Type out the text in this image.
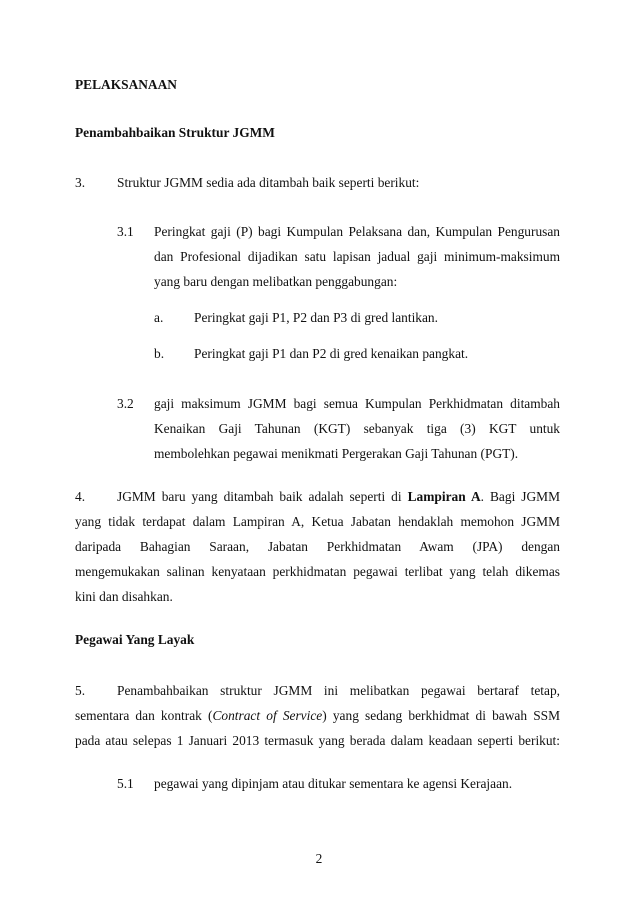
PELAKSANAAN
Penambahbaikan Struktur JGMM
3. Struktur JGMM sedia ada ditambah baik seperti berikut:
3.1 Peringkat gaji (P) bagi Kumpulan Pelaksana dan, Kumpulan Pengurusan
dan Profesional dijadikan satu lapisan jadual gaji minimum-maksimum
yang baru dengan melibatkan penggabungan:
a. Peringkat gaji P1, P2 dan P3 di gred lantikan.
b. Peringkat gaji P1 dan P2 di gred kenaikan pangkat.
3.2 gaji maksimum JGMM bagi semua Kumpulan Perkhidmatan ditambah
Kenaikan Gaji Tahunan (KGT) sebanyak tiga (3) KGT untuk
membolehkan pegawai menikmati Pergerakan Gaji Tahunan (PGT).
4. JGMM baru yang ditambah baik adalah seperti di Lampiran A. Bagi JGMM
yang tidak terdapat dalam Lampiran A, Ketua Jabatan hendaklah memohon JGMM
daripada Bahagian Saraan, Jabatan Perkhidmatan Awam (JPA) dengan
mengemukakan salinan kenyataan perkhidmatan pegawai terlibat yang telah dikemas
kini dan disahkan.
Pegawai Yang Layak
5. Penambahbaikan struktur JGMM ini melibatkan pegawai bertaraf tetap,
sementara dan kontrak (Contract of Service) yang sedang berkhidmat di bawah SSM
pada atau selepas 1 Januari 2013 termasuk yang berada dalam keadaan seperti berikut:
5.1 pegawai yang dipinjam atau ditukar sementara ke agensi Kerajaan.
2
